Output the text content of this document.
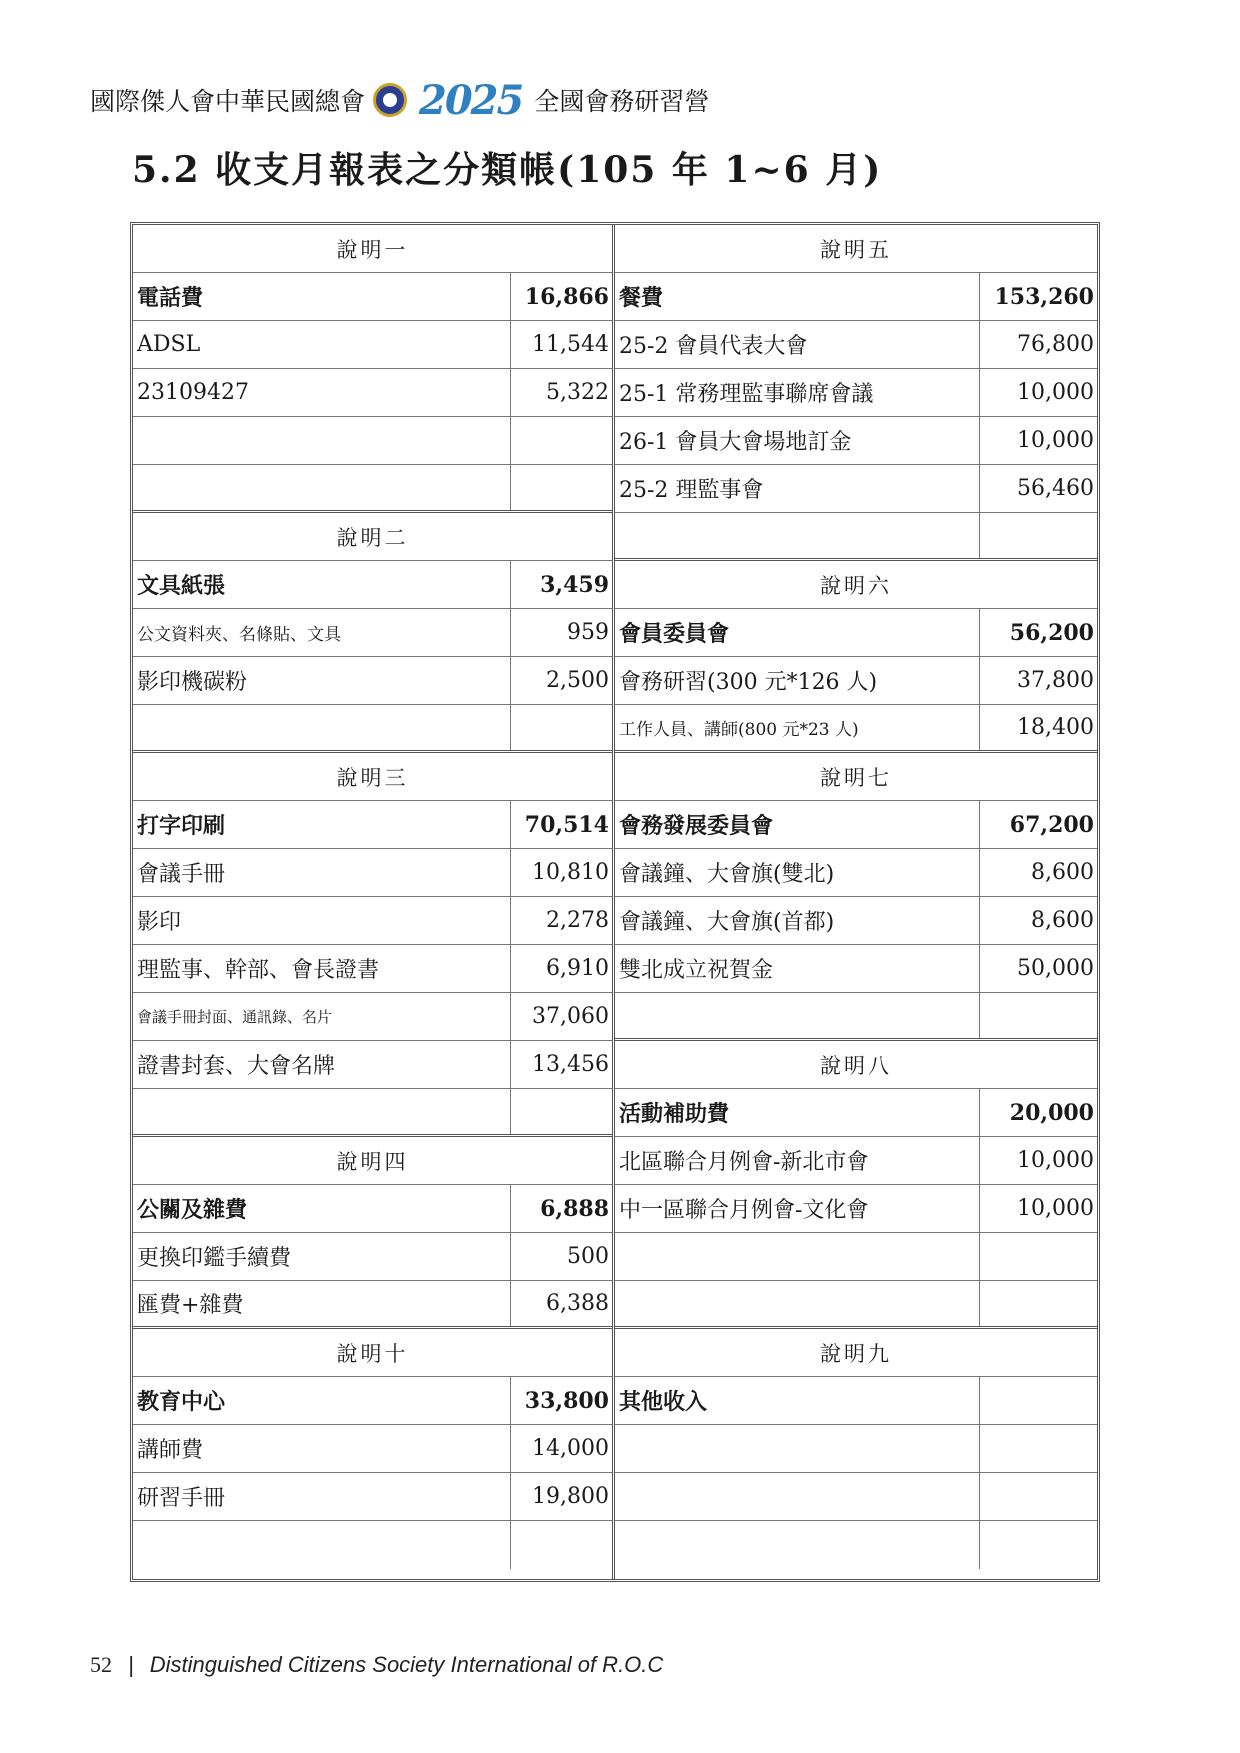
國際傑人會中華民國總會 2025 全國會務研習營
5.2 收支月報表之分類帳(105 年 1~6 月)
說明一
電話費	16,866
ADSL	11,544
23109427	5,322
說明二
文具紙張	3,459
公文資料夾、名條貼、文具	959
影印機碳粉	2,500
說明三
打字印刷	70,514
會議手冊	10,810
影印	2,278
理監事、幹部、會長證書	6,910
會議手冊封面、通訊錄、名片	37,060
證書封套、大會名牌	13,456
說明四
公關及雜費	6,888
更換印鑑手續費	500
匯費+雜費	6,388
說明十
教育中心	33,800
講師費	14,000
研習手冊	19,800
說明五
餐費	153,260
25-2 會員代表大會	76,800
25-1 常務理監事聯席會議	10,000
26-1 會員大會場地訂金	10,000
25-2 理監事會	56,460
說明六
會員委員會	56,200
會務研習(300 元*126 人)	37,800
工作人員、講師(800 元*23 人)	18,400
說明七
會務發展委員會	67,200
會議鐘、大會旗(雙北)	8,600
會議鐘、大會旗(首都)	8,600
雙北成立祝賀金	50,000
說明八
活動補助費	20,000
北區聯合月例會-新北市會	10,000
中一區聯合月例會-文化會	10,000
說明九
其他收入
52 | Distinguished Citizens Society International of R.O.C
